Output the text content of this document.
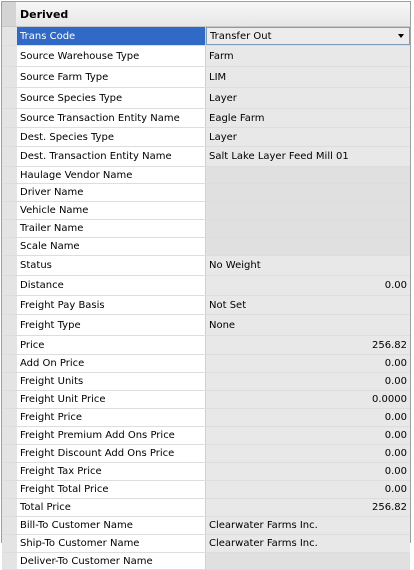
Derived
Trans Code	Transfer Out
Source Warehouse Type	Farm
Source Farm Type	LIM
Source Species Type	Layer
Source Transaction Entity Name	Eagle Farm
Dest. Species Type	Layer
Dest. Transaction Entity Name	Salt Lake Layer Feed Mill 01
Haulage Vendor Name
Driver Name
Vehicle Name
Trailer Name
Scale Name
Status	No Weight
Distance	0.00
Freight Pay Basis	Not Set
Freight Type	None
Price	256.82
Add On Price	0.00
Freight Units	0.00
Freight Unit Price	0.0000
Freight Price	0.00
Freight Premium Add Ons Price	0.00
Freight Discount Add Ons Price	0.00
Freight Tax Price	0.00
Freight Total Price	0.00
Total Price	256.82
Bill-To Customer Name	Clearwater Farms Inc.
Ship-To Customer Name	Clearwater Farms Inc.
Deliver-To Customer Name
